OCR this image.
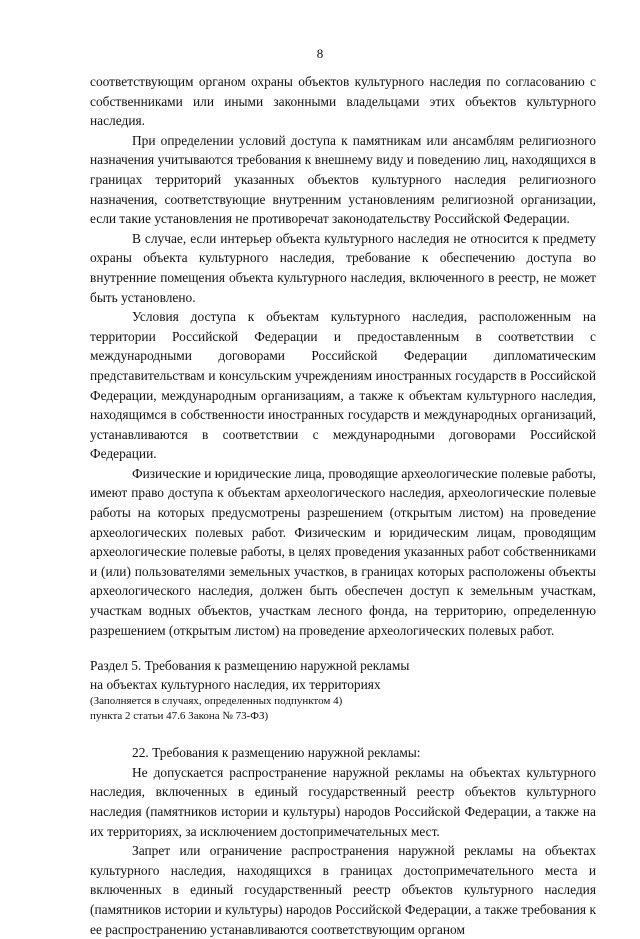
8

соответствующим органом охраны объектов культурного наследия по согласованию с собственниками или иными законными владельцами этих объектов культурного наследия.

При определении условий доступа к памятникам или ансамблям религиозного назначения учитываются требования к внешнему виду и поведению лиц, находящихся в границах территорий указанных объектов культурного наследия религиозного назначения, соответствующие внутренним установлениям религиозной организации, если такие установления не противоречат законодательству Российской Федерации.

В случае, если интерьер объекта культурного наследия не относится к предмету охраны объекта культурного наследия, требование к обеспечению доступа во внутренние помещения объекта культурного наследия, включенного в реестр, не может быть установлено.

Условия доступа к объектам культурного наследия, расположенным на территории Российской Федерации и предоставленным в соответствии с международными договорами Российской Федерации дипломатическим представительствам и консульским учреждениям иностранных государств в Российской Федерации, международным организациям, а также к объектам культурного наследия, находящимся в собственности иностранных государств и международных организаций, устанавливаются в соответствии с международными договорами Российской Федерации.

Физические и юридические лица, проводящие археологические полевые работы, имеют право доступа к объектам археологического наследия, археологические полевые работы на которых предусмотрены разрешением (открытым листом) на проведение археологических полевых работ. Физическим и юридическим лицам, проводящим археологические полевые работы, в целях проведения указанных работ собственниками и (или) пользователями земельных участков, в границах которых расположены объекты археологического наследия, должен быть обеспечен доступ к земельным участкам, участкам водных объектов, участкам лесного фонда, на территорию, определенную разрешением (открытым листом) на проведение археологических полевых работ.

Раздел 5. Требования к размещению наружной рекламы

на объектах культурного наследия, их территориях

(Заполняется в случаях, определенных подпунктом 4)

пункта 2 статьи 47.6 Закона № 73-ФЗ)

22. Требования к размещению наружной рекламы:

Не допускается распространение наружной рекламы на объектах культурного наследия, включенных в единый государственный реестр объектов культурного наследия (памятников истории и культуры) народов Российской Федерации, а также на их территориях, за исключением достопримечательных мест.

Запрет или ограничение распространения наружной рекламы на объектах культурного наследия, находящихся в границах достопримечательного места и включенных в единый государственный реестр объектов культурного наследия (памятников истории и культуры) народов Российской Федерации, а также требования к ее распространению устанавливаются соответствующим органом
